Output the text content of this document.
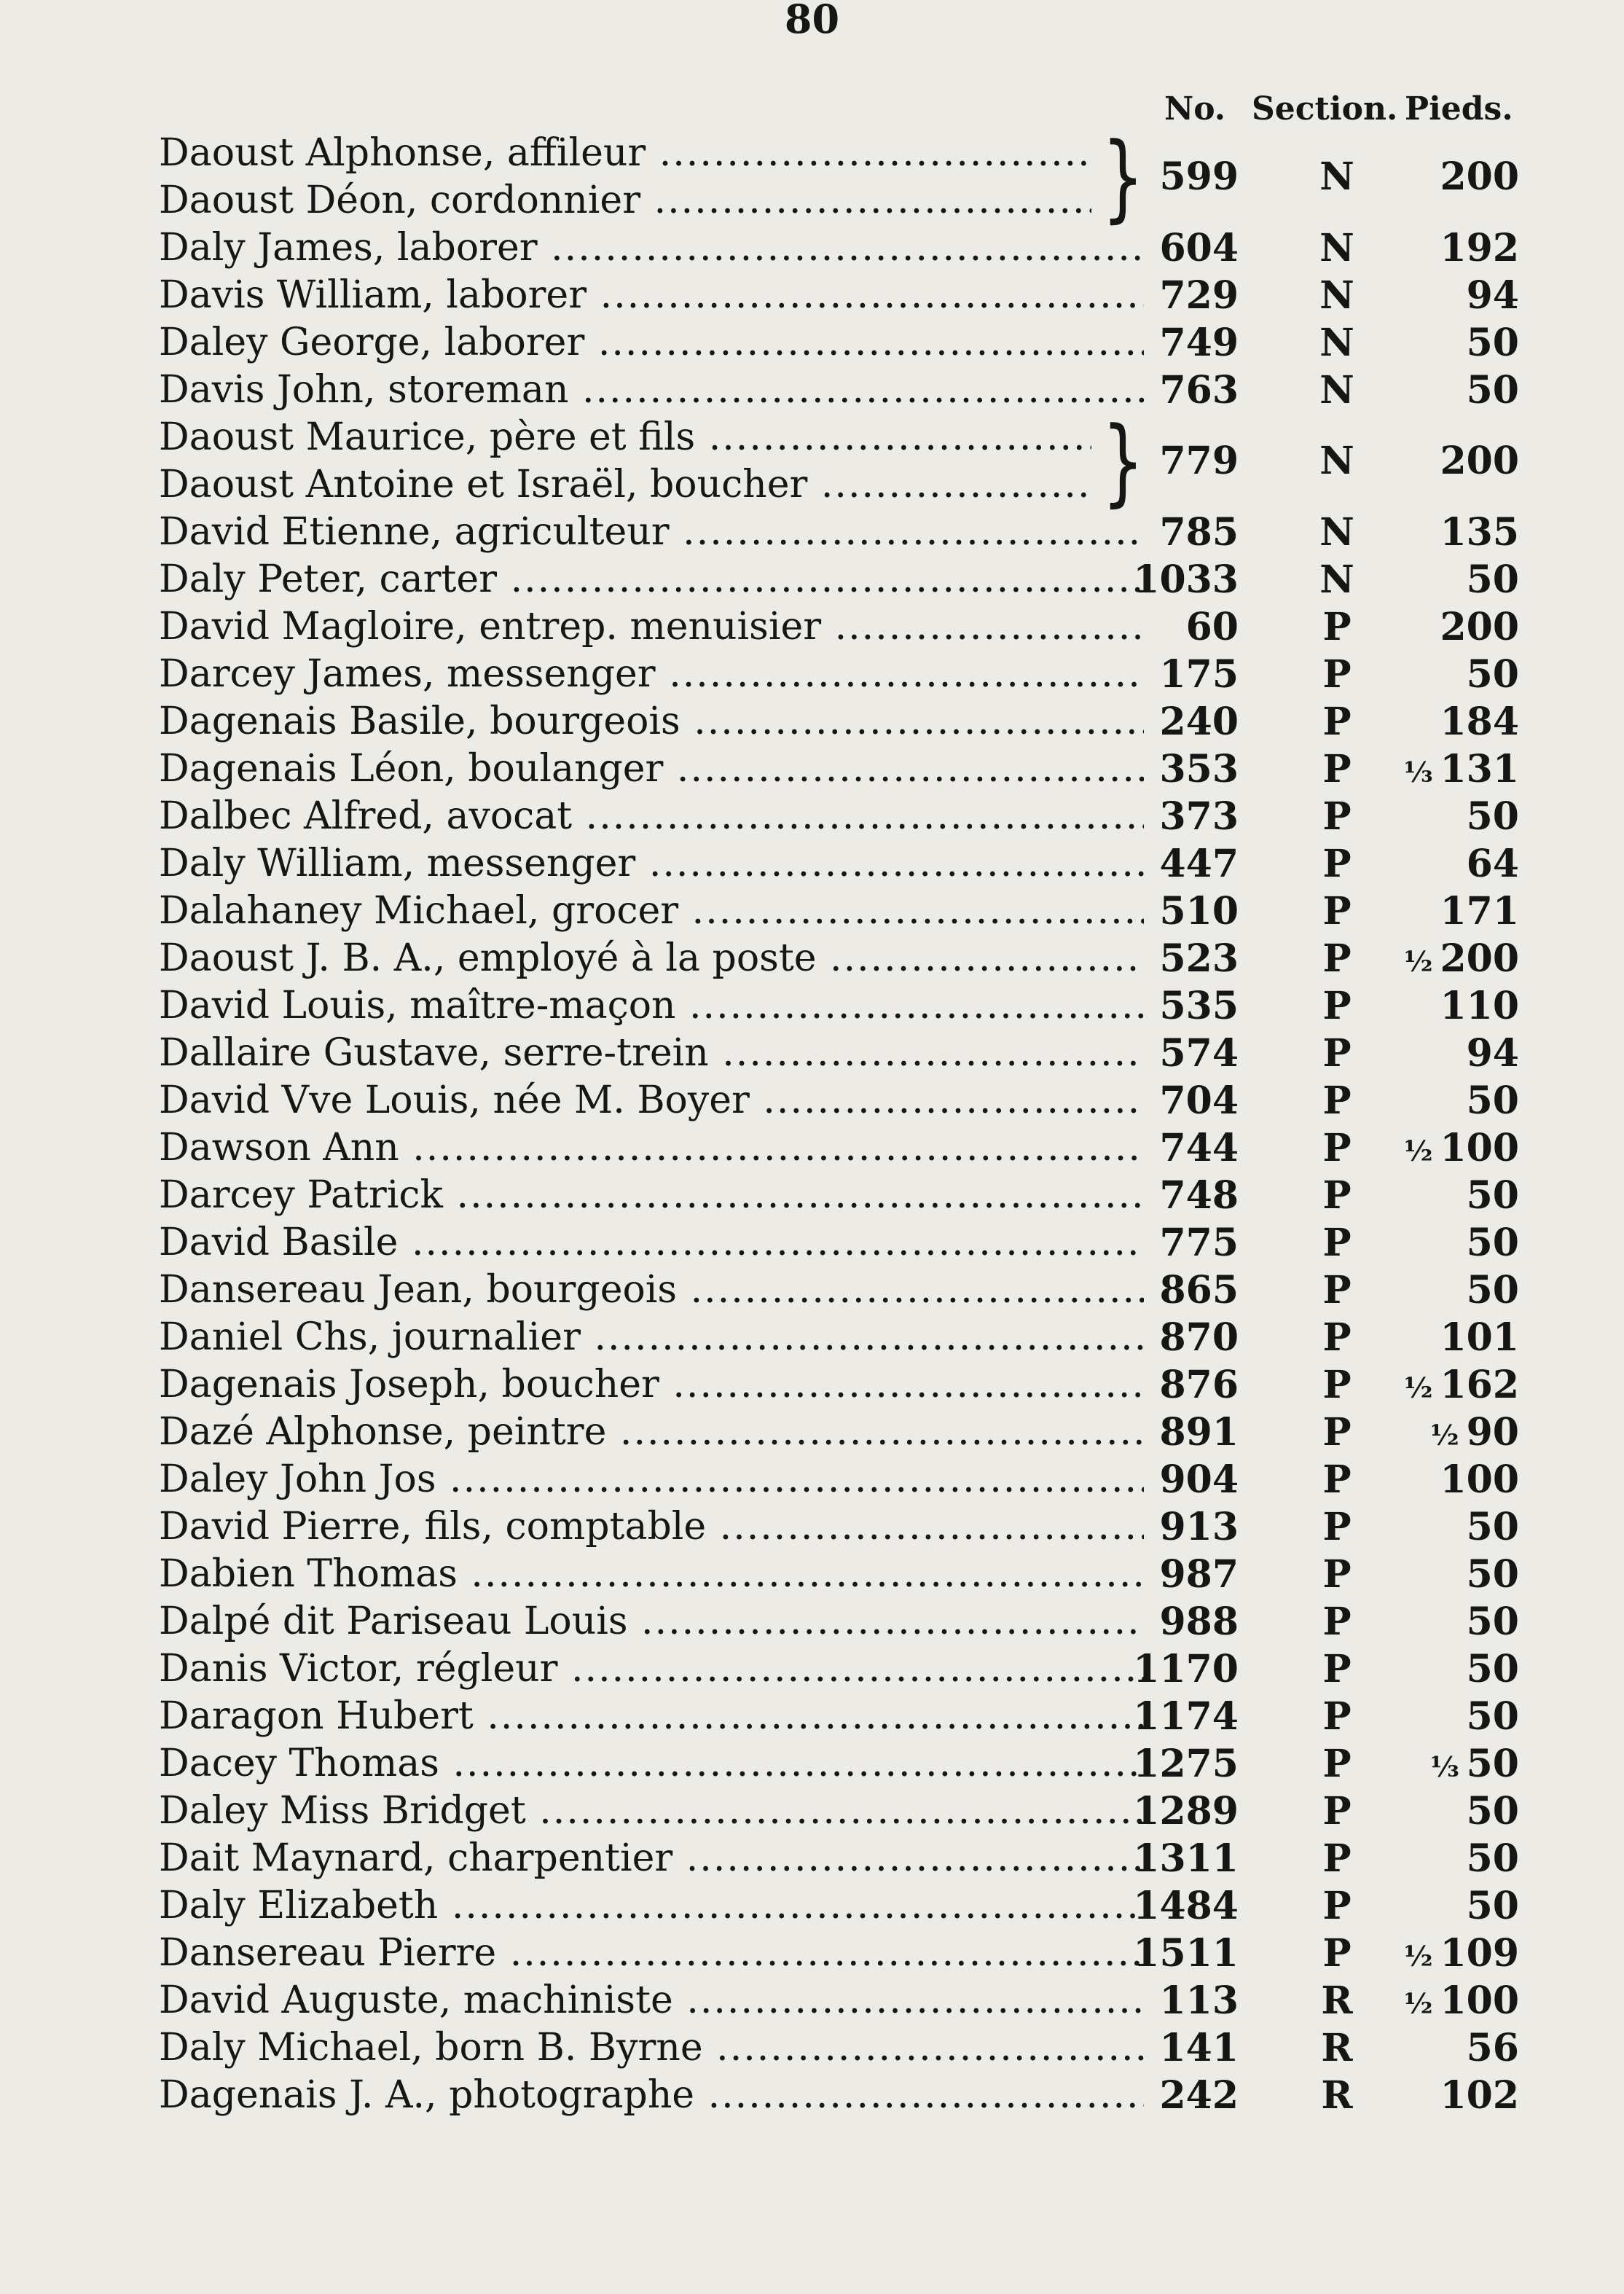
80
No. Section. Pieds.
Daoust Alphonse, affileur .....
Daoust Déon, cordonnier .....	} 599 N	200
Daly James, laborer .....	604 N	192
Davis William, laborer .....	729 N	94
Daley George, laborer .....	749 N	50
Davis John, storeman .....	763 N	50
Daoust Maurice, père et fils .....
Daoust Antoine et Israël, boucher .....	} 779 N	200
David Etienne, agriculteur .....	785 N	135
Daly Peter, carter .....	1033 N	50
David Magloire, entrep. menuisier .....	60 P	200
Darcey James, messenger .....	175 P	50
Dagenais Basile, bourgeois .....	240 P	184
Dagenais Léon, boulanger .....	353 P	⅓ 131
Dalbec Alfred, avocat .....	373 P	50
Daly William, messenger .....	447 P	64
Dalahaney Michael, grocer .....	510 P	171
Daoust J. B. A., employé à la poste .....	523 P	½ 200
David Louis, maître-maçon .....	535 P	110
Dallaire Gustave, serre-trein .....	574 P	94
David Vve Louis, née M. Boyer .....	704 P	50
Dawson Ann .....	744 P	½ 100
Darcey Patrick .....	748 P	50
David Basile .....	775 P	50
Dansereau Jean, bourgeois .....	865 P	50
Daniel Chs, journalier .....	870 P	101
Dagenais Joseph, boucher .....	876 P	½ 162
Dazé Alphonse, peintre .....	891 P	½ 90
Daley John Jos .....	904 P	100
David Pierre, fils, comptable .....	913 P	50
Dabien Thomas .....	987 P	50
Dalpé dit Pariseau Louis .....	988 P	50
Danis Victor, régleur .....	1170 P	50
Daragon Hubert .....	1174 P	50
Dacey Thomas .....	1275 P	⅓ 50
Daley Miss Bridget .....	1289 P	50
Dait Maynard, charpentier .....	1311 P	50
Daly Elizabeth .....	1484 P	50
Dansereau Pierre .....	1511 P	½ 109
David Auguste, machiniste .....	113 R	½ 100
Daly Michael, born B. Byrne .....	141 R	56
Dagenais J. A., photographe .....	242 R	102
